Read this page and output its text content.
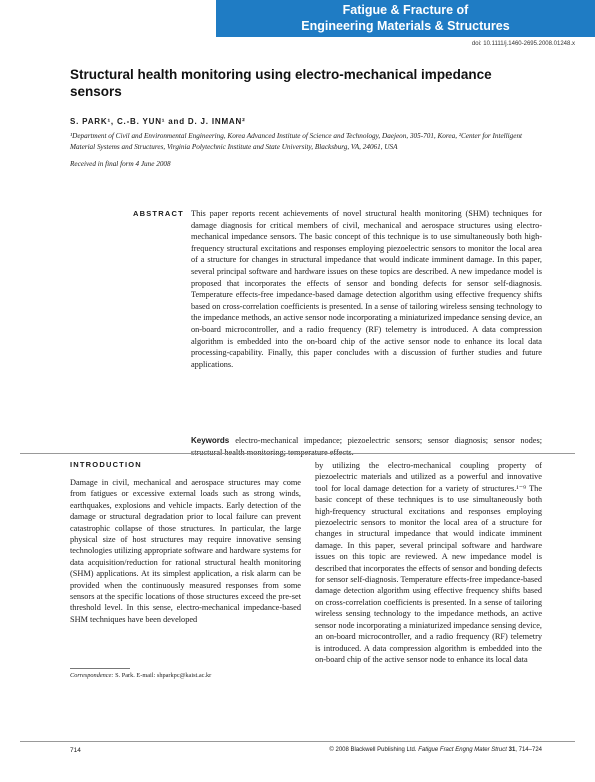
Fatigue & Fracture of
Engineering Materials & Structures
doi: 10.1111/j.1460-2695.2008.01248.x
Structural health monitoring using electro-mechanical impedance sensors
S. PARK¹, C.-B. YUN¹ and D. J. INMAN²
¹Department of Civil and Environmental Engineering, Korea Advanced Institute of Science and Technology, Daejeon, 305-701, Korea, ²Center for Intelligent Material Systems and Structures, Virginia Polytechnic Institute and State University, Blacksburg, VA, 24061, USA
Received in final form 4 June 2008
ABSTRACT This paper reports recent achievements of novel structural health monitoring (SHM) techniques for damage diagnosis for critical members of civil, mechanical and aerospace structures using electro-mechanical impedance sensors. The basic concept of this technique is to use simultaneously both high-frequency structural excitations and responses employing piezoelectric sensors to monitor the local area of a structure for changes in structural impedance that would indicate imminent damage. In this paper, several principal software and hardware issues on these topics are described. A new impedance model is proposed that incorporates the effects of sensor and bonding defects for sensor self-diagnosis. Temperature effects-free impedance-based damage detection algorithm using effective frequency shifts based on cross-correlation coefficients is presented. In a sense of tailoring wireless sensing technology to the impedance methods, an active sensor node incorporating a miniaturized impedance sensing device, an on-board microcontroller, and a radio frequency (RF) telemetry is introduced. A data compression algorithm is embedded into the on-board chip of the active sensor node to enhance its local data processing-capability. Finally, this paper concludes with a discussion of further studies and future applications.
Keywords electro-mechanical impedance; piezoelectric sensors; sensor diagnosis; sensor nodes; structural health monitoring; temperature effects.
INTRODUCTION
Damage in civil, mechanical and aerospace structures may come from fatigues or excessive external loads such as strong winds, earthquakes, explosions and vehicle impacts. Early detection of the damage or structural degradation prior to local failure can prevent catastrophic collapse of those structures. In particular, the large physical size of host structures may require innovative sensing technologies utilizing appropriate software and hardware systems for data acquisition/reduction for rational structural health monitoring (SHM) applications. At its simplest application, a risk alarm can be provided when the continuously measured responses from some sensors at the specific locations of those structures exceed the pre-set threshold level. In this sense, electro-mechanical impedance-based SHM techniques have been developed
by utilizing the electro-mechanical coupling property of piezoelectric materials and utilized as a powerful and innovative tool for local damage detection for a variety of structures.¹⁻⁹ The basic concept of these techniques is to use simultaneously both high-frequency structural excitations and responses employing piezoelectric sensors to monitor the local area of a structure for changes in structural impedance that would indicate imminent damage. In this paper, several principal software and hardware issues on this topic are reviewed. A new impedance model is described that incorporates the effects of sensor and bonding defects for sensor self-diagnosis. Temperature effects-free impedance-based damage detection algorithm using effective frequency shifts based on cross-correlation coefficients is presented. In a sense of tailoring wireless sensing technology to the impedance methods, an active sensor node incorporating a miniaturized impedance sensing device, an on-board microcontroller, and a radio frequency (RF) telemetry is introduced. A data compression algorithm is embedded into the on-board chip of the active sensor node to enhance its local data
Correspondence: S. Park. E-mail: shparkpc@kaist.ac.kr
714	© 2008 Blackwell Publishing Ltd. Fatigue Fract Engng Mater Struct 31, 714–724
